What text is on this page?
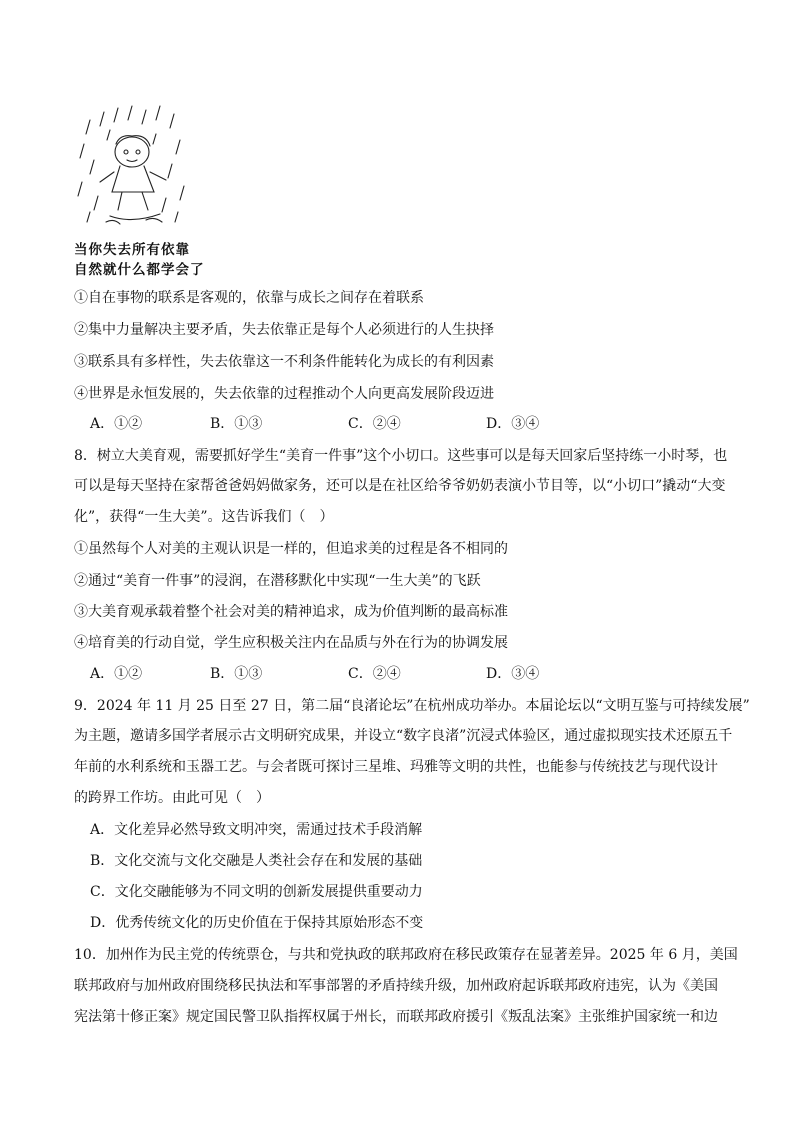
当你失去所有依靠
自然就什么都学会了
①自在事物的联系是客观的，依靠与成长之间存在着联系
②集中力量解决主要矛盾，失去依靠正是每个人必须进行的人生抉择
③联系具有多样性，失去依靠这一不利条件能转化为成长的有利因素
④世界是永恒发展的，失去依靠的过程推动个人向更高发展阶段迈进
A．①②	B．①③	C．②④	D．③④
8．树立大美育观，需要抓好学生“美育一件事”这个小切口。这些事可以是每天回家后坚持练一小时琴，也
可以是每天坚持在家帮爸爸妈妈做家务，还可以是在社区给爷爷奶奶表演小节目等，以“小切口”撬动“大变
化”，获得“一生大美”。这告诉我们（　）
①虽然每个人对美的主观认识是一样的，但追求美的过程是各不相同的
②通过“美育一件事”的浸润，在潜移默化中实现“一生大美”的飞跃
③大美育观承载着整个社会对美的精神追求，成为价值判断的最高标准
④培育美的行动自觉，学生应积极关注内在品质与外在行为的协调发展
A．①②	B．①③	C．②④	D．③④
9．2024 年 11 月 25 日至 27 日，第二届“良渚论坛”在杭州成功举办。本届论坛以“文明互鉴与可持续发展”
为主题，邀请多国学者展示古文明研究成果，并设立“数字良渚”沉浸式体验区，通过虚拟现实技术还原五千
年前的水利系统和玉器工艺。与会者既可探讨三星堆、玛雅等文明的共性，也能参与传统技艺与现代设计
的跨界工作坊。由此可见（　）
A．文化差异必然导致文明冲突，需通过技术手段消解
B．文化交流与文化交融是人类社会存在和发展的基础
C．文化交融能够为不同文明的创新发展提供重要动力
D．优秀传统文化的历史价值在于保持其原始形态不变
10．加州作为民主党的传统票仓，与共和党执政的联邦政府在移民政策存在显著差异。2025 年 6 月，美国
联邦政府与加州政府围绕移民执法和军事部署的矛盾持续升级，加州政府起诉联邦政府违宪，认为《美国
宪法第十修正案》规定国民警卫队指挥权属于州长，而联邦政府援引《叛乱法案》主张维护国家统一和边
